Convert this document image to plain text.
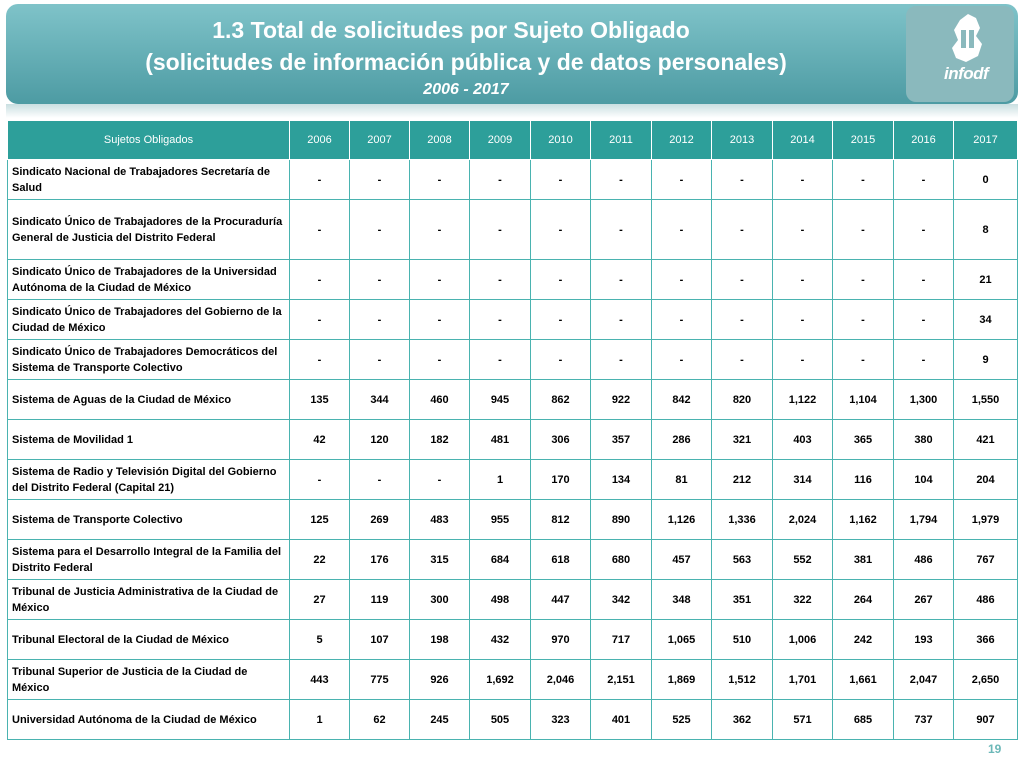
1.3 Total de solicitudes por Sujeto Obligado
(solicitudes de información pública y de datos personales)
2006 - 2017
infodf
Sujetos Obligados	2006	2007	2008	2009	2010	2011	2012	2013	2014	2015	2016	2017
Sindicato Nacional de Trabajadores Secretaría de Salud	-	-	-	-	-	-	-	-	-	-	-	0
Sindicato Único de Trabajadores de la Procuraduría General de Justicia del Distrito Federal	-	-	-	-	-	-	-	-	-	-	-	8
Sindicato Único de Trabajadores de la Universidad Autónoma de la Ciudad de México	-	-	-	-	-	-	-	-	-	-	-	21
Sindicato Único de Trabajadores del Gobierno de la Ciudad de México	-	-	-	-	-	-	-	-	-	-	-	34
Sindicato Único de Trabajadores Democráticos del Sistema de Transporte Colectivo	-	-	-	-	-	-	-	-	-	-	-	9
Sistema de Aguas de la Ciudad de México	135	344	460	945	862	922	842	820	1,122	1,104	1,300	1,550
Sistema de Movilidad 1	42	120	182	481	306	357	286	321	403	365	380	421
Sistema de Radio y Televisión Digital del Gobierno del Distrito Federal (Capital 21)	-	-	-	1	170	134	81	212	314	116	104	204
Sistema de Transporte Colectivo	125	269	483	955	812	890	1,126	1,336	2,024	1,162	1,794	1,979
Sistema para el Desarrollo Integral de la Familia del Distrito Federal	22	176	315	684	618	680	457	563	552	381	486	767
Tribunal de Justicia Administrativa de la Ciudad de México	27	119	300	498	447	342	348	351	322	264	267	486
Tribunal Electoral de la Ciudad de México	5	107	198	432	970	717	1,065	510	1,006	242	193	366
Tribunal Superior de Justicia de la Ciudad de México	443	775	926	1,692	2,046	2,151	1,869	1,512	1,701	1,661	2,047	2,650
Universidad Autónoma de la Ciudad de México	1	62	245	505	323	401	525	362	571	685	737	907
19
